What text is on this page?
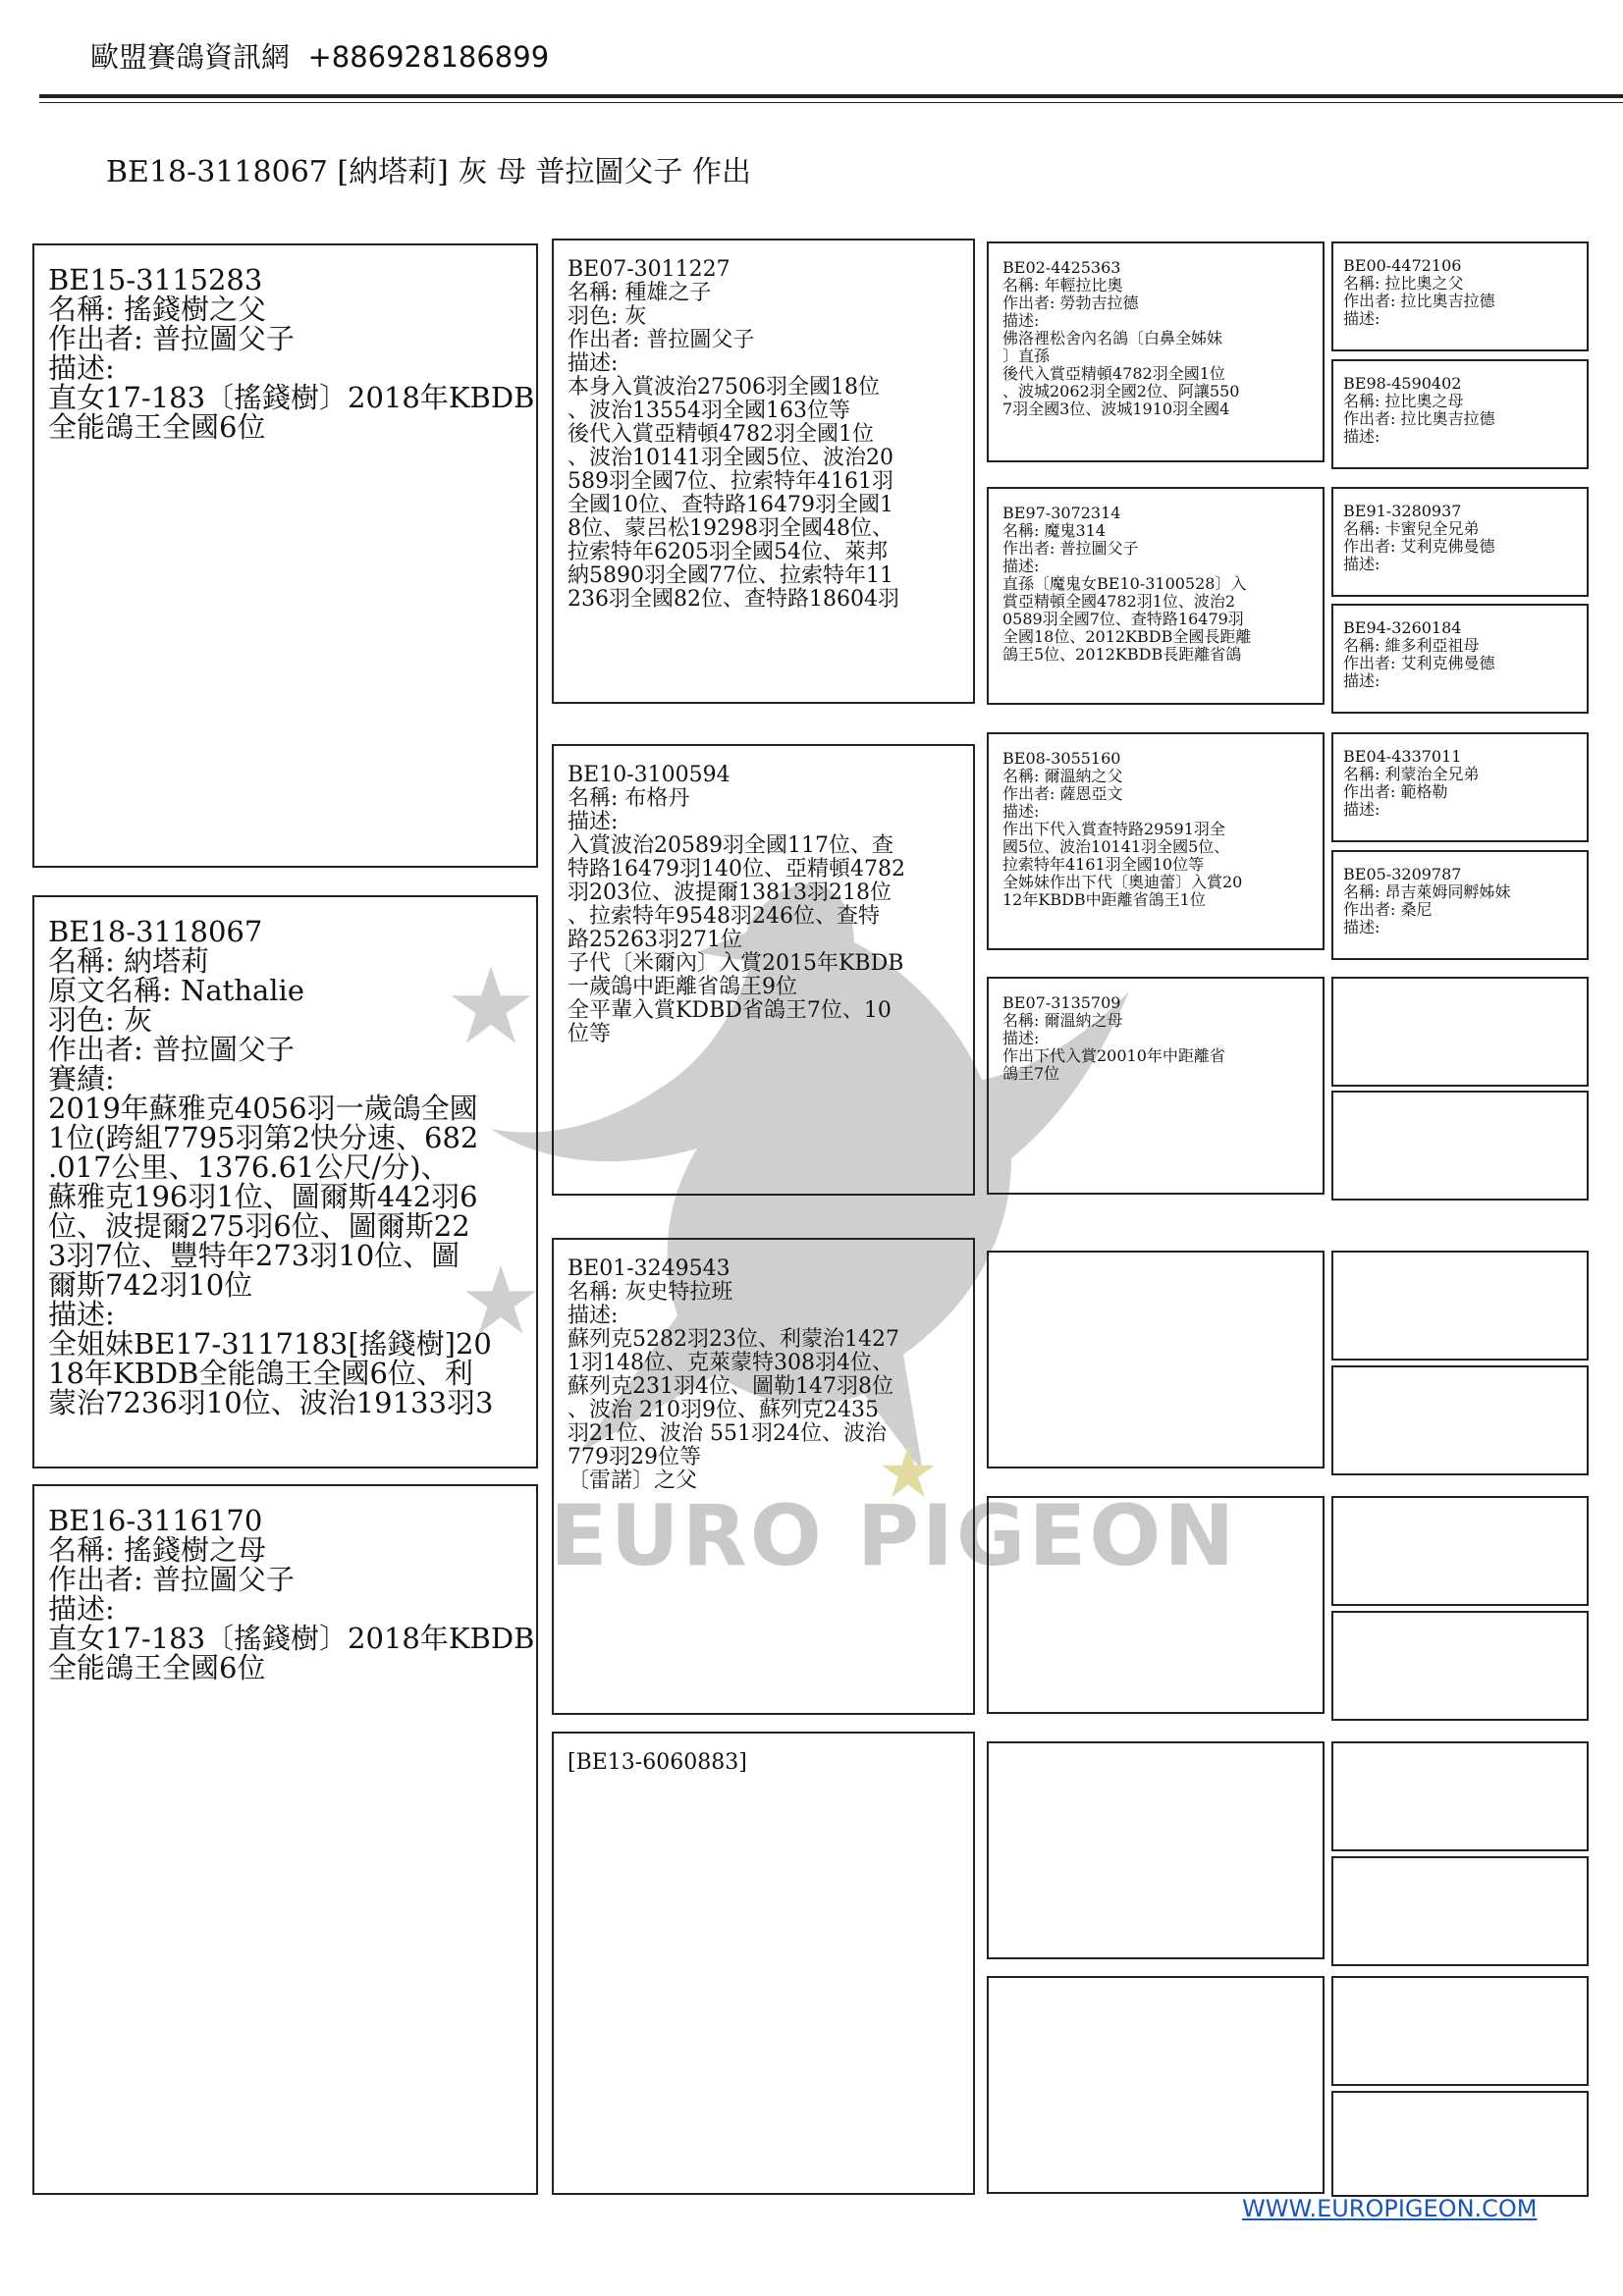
歐盟賽鴿資訊網 +886928186899
BE18-3118067 [納塔莉] 灰 母 普拉圖父子 作出
EURO PIGEON
BE15-3115283
名稱: 搖錢樹之父
作出者: 普拉圖父子
描述:
直女17-183〔搖錢樹〕2018年KBDB
全能鴿王全國6位
BE18-3118067
名稱: 納塔莉
原文名稱: Nathalie
羽色: 灰
作出者: 普拉圖父子
賽績:
2019年蘇雅克4056羽一歲鴿全國
1位(跨組7795羽第2快分速、682
.017公里、1376.61公尺/分)、
蘇雅克196羽1位、圖爾斯442羽6
位、波提爾275羽6位、圖爾斯22
3羽7位、豐特年273羽10位、圖
爾斯742羽10位
描述:
全姐妹BE17-3117183[搖錢樹]20
18年KBDB全能鴿王全國6位、利
蒙治7236羽10位、波治19133羽3
BE16-3116170
名稱: 搖錢樹之母
作出者: 普拉圖父子
描述:
直女17-183〔搖錢樹〕2018年KBDB
全能鴿王全國6位
BE07-3011227
名稱: 種雄之子
羽色: 灰
作出者: 普拉圖父子
描述:
本身入賞波治27506羽全國18位
、波治13554羽全國163位等
後代入賞亞精頓4782羽全國1位
、波治10141羽全國5位、波治20
589羽全國7位、拉索特年4161羽
全國10位、查特路16479羽全國1
8位、蒙呂松19298羽全國48位、
拉索特年6205羽全國54位、萊邦
納5890羽全國77位、拉索特年11
236羽全國82位、查特路18604羽
BE10-3100594
名稱: 布格丹
描述:
入賞波治20589羽全國117位、查
特路16479羽140位、亞精頓4782
羽203位、波提爾13813羽218位
、拉索特年9548羽246位、查特
路25263羽271位
子代〔米爾內〕入賞2015年KBDB
一歲鴿中距離省鴿王9位
全平輩入賞KDBD省鴿王7位、10
位等
BE01-3249543
名稱: 灰史特拉班
描述:
蘇列克5282羽23位、利蒙治1427
1羽148位、克萊蒙特308羽4位、
蘇列克231羽4位、圖勒147羽8位
、波治 210羽9位、蘇列克2435
羽21位、波治 551羽24位、波治
779羽29位等
〔雷諾〕之父
[BE13-6060883]
BE02-4425363
名稱: 年輕拉比奧
作出者: 勞勃吉拉德
描述:
佛洛裡松舍內名鴿〔白鼻全姊妹
〕直孫
後代入賞亞精頓4782羽全國1位
、波城2062羽全國2位、阿讓550
7羽全國3位、波城1910羽全國4
BE97-3072314
名稱: 魔鬼314
作出者: 普拉圖父子
描述:
直孫〔魔鬼女BE10-3100528〕入
賞亞精頓全國4782羽1位、波治2
0589羽全國7位、查特路16479羽
全國18位、2012KBDB全國長距離
鴿王5位、2012KBDB長距離省鴿
BE08-3055160
名稱: 爾溫納之父
作出者: 薩恩亞文
描述:
作出下代入賞查特路29591羽全
國5位、波治10141羽全國5位、
拉索特年4161羽全國10位等
全姊妹作出下代〔奧迪蕾〕入賞20
12年KBDB中距離省鴿王1位
BE07-3135709
名稱: 爾溫納之母
描述:
作出下代入賞20010年中距離省
鴿王7位
BE00-4472106
名稱: 拉比奧之父
作出者: 拉比奧吉拉德
描述:
BE98-4590402
名稱: 拉比奧之母
作出者: 拉比奧吉拉德
描述:
BE91-3280937
名稱: 卡蜜兒全兄弟
作出者: 艾利克佛曼德
描述:
BE94-3260184
名稱: 維多利亞祖母
作出者: 艾利克佛曼德
描述:
BE04-4337011
名稱: 利蒙治全兄弟
作出者: 範格勒
描述:
BE05-3209787
名稱: 昂吉萊姆同孵姊妹
作出者: 桑尼
描述:
WWW.EUROPIGEON.COM
